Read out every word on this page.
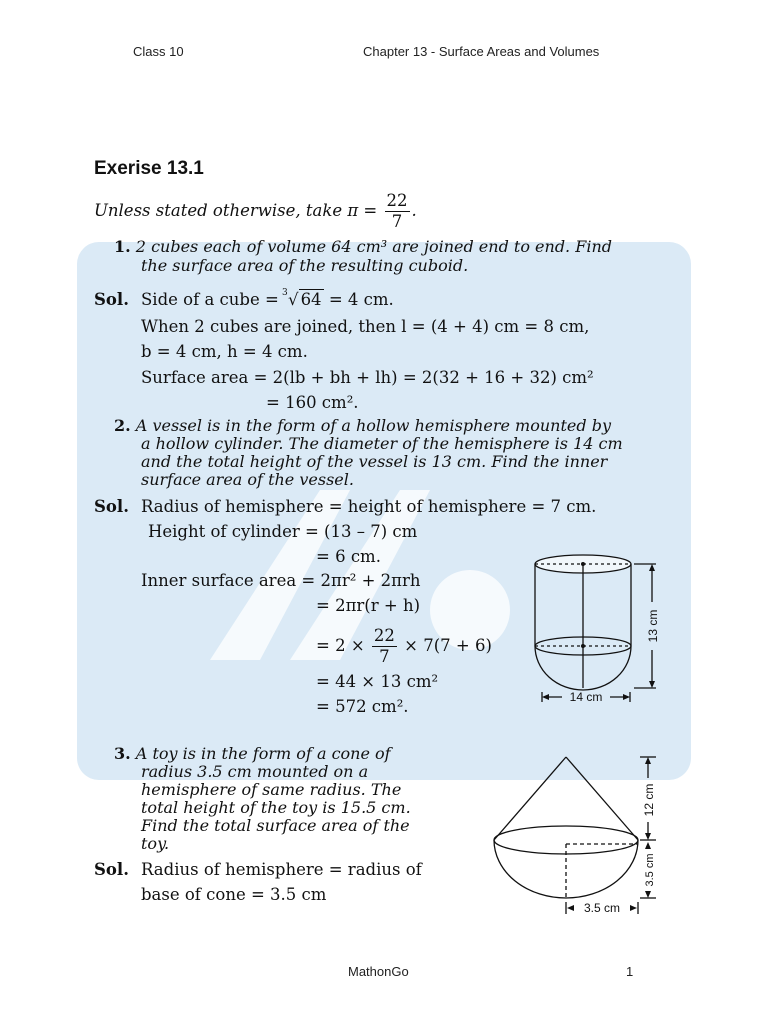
Class 10	Chapter 13 - Surface Areas and Volumes
Exerise 13.1
Unless stated otherwise, take $\pi = \frac{22}{7}$ .
1. 2 cubes each of volume 64 cm³ are joined end to end. Find
the surface area of the resulting cuboid.
Sol. Side of a cube = 3 √ 64 = 4 cm.
When 2 cubes are joined, then l = (4 + 4) cm = 8 cm,
b = 4 cm, h = 4 cm.
Surface area = 2(lb + bh + lh) = 2(32 + 16 + 32) cm²
= 160 cm².
2. A vessel is in the form of a hollow hemisphere mounted by
a hollow cylinder. The diameter of the hemisphere is 14 cm
and the total height of the vessel is 13 cm. Find the inner
surface area of the vessel.
Sol. Radius of hemisphere = height of hemisphere = 7 cm.
Height of cylinder = (13 – 7) cm
= 6 cm.
Inner surface area = 2πr² + 2πrh
= 2πr(r + h)
= $2 \times \frac{22}{7} \times 7(7 + 6)$
= 44 × 13 cm²
= 572 cm².
13 cm
14 cm
3. A toy is in the form of a cone of
radius 3.5 cm mounted on a
hemisphere of same radius. The
total height of the toy is 15.5 cm.
Find the total surface area of the
toy.
Sol. Radius of hemisphere = radius of
base of cone = 3.5 cm
12 cm
3.5 cm
3.5 cm
MathonGo	1
